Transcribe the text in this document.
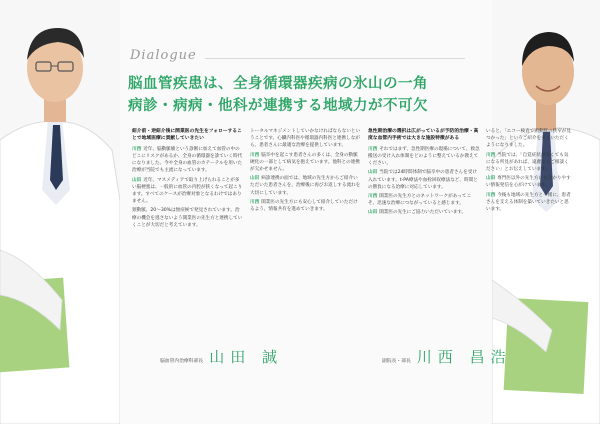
Dialogue
脳血管疾患は、全身循環器疾病の氷山の一角
病診・病病・他科が連携する地域力が不可欠

紹介前・逆紹介後に開業医の先生をフォローすることで地域医療に貢献していきたい

川西 近年、脳動脈瘤という診断に加えて血管の中のどこにリスクがあるか、全身の循環器を診ていく時代になりました。今や全身の血管のカテーテルを用いた治療が当院でも主流になっています。

山田 近年、マスメディアで取り上げられることが多い脳梗塞は、一般的に血管の内腔が狭くなって起こります。すべてのケースが治療対象となるわけではありません。

頸動脈、20〜30%は無症候で発見されています。治療の機会を逃さないよう開業医の先生方と連携していくことが大切だと考えています。

トータルマネジメントしていかなければならないということです。心臓内科医や循環器内科医と連携しながら、患者さんに最適な治療を提供しています。

川西 脳卒中を起こす患者さんの多くは、全身の動脈硬化の一部として病気を抱えています。他科との連携が欠かせません。

山田 病診連携の面では、地域の先生方からご紹介いただいた患者さんを、治療後に再びお返しする流れを大切にしています。

川西 開業医の先生方にも安心して紹介していただけるよう、情報共有を進めていきます。

急性期治療の選択は広がっているが予防的治療・高度な血管内手術では大きな施設特徴がある

川西 それではまず、急性期医療の現場について、救急搬送の受け入れ体制をどのように整えているか教えてください。

山田 当院では24時間体制で脳卒中の患者さんを受け入れています。t-PA療法や血栓回収療法など、時間との勝負になる治療に対応しています。

川西 開業医の先生方とのネットワークがあってこそ、迅速な治療につながっていると感じます。

山田 開業医の先生にご協力いただいています。

いると、「エコー検査で頸動脈の狭窄が見つかった」というご紹介を多くいただくようになりました。

川西 当院では、「自覚症状がなくても気になる所見があれば、遠慮なくご相談ください」とお伝えしています。

山田 専門医以外の先生方にも分かりやすい情報発信を心がけています。

川西 今後も地域の先生方と一緒に、患者さんを支える体制を築いていきたいと思います。

脳血管内治療科部長 山田 誠	副院長・部長 川西 昌浩
